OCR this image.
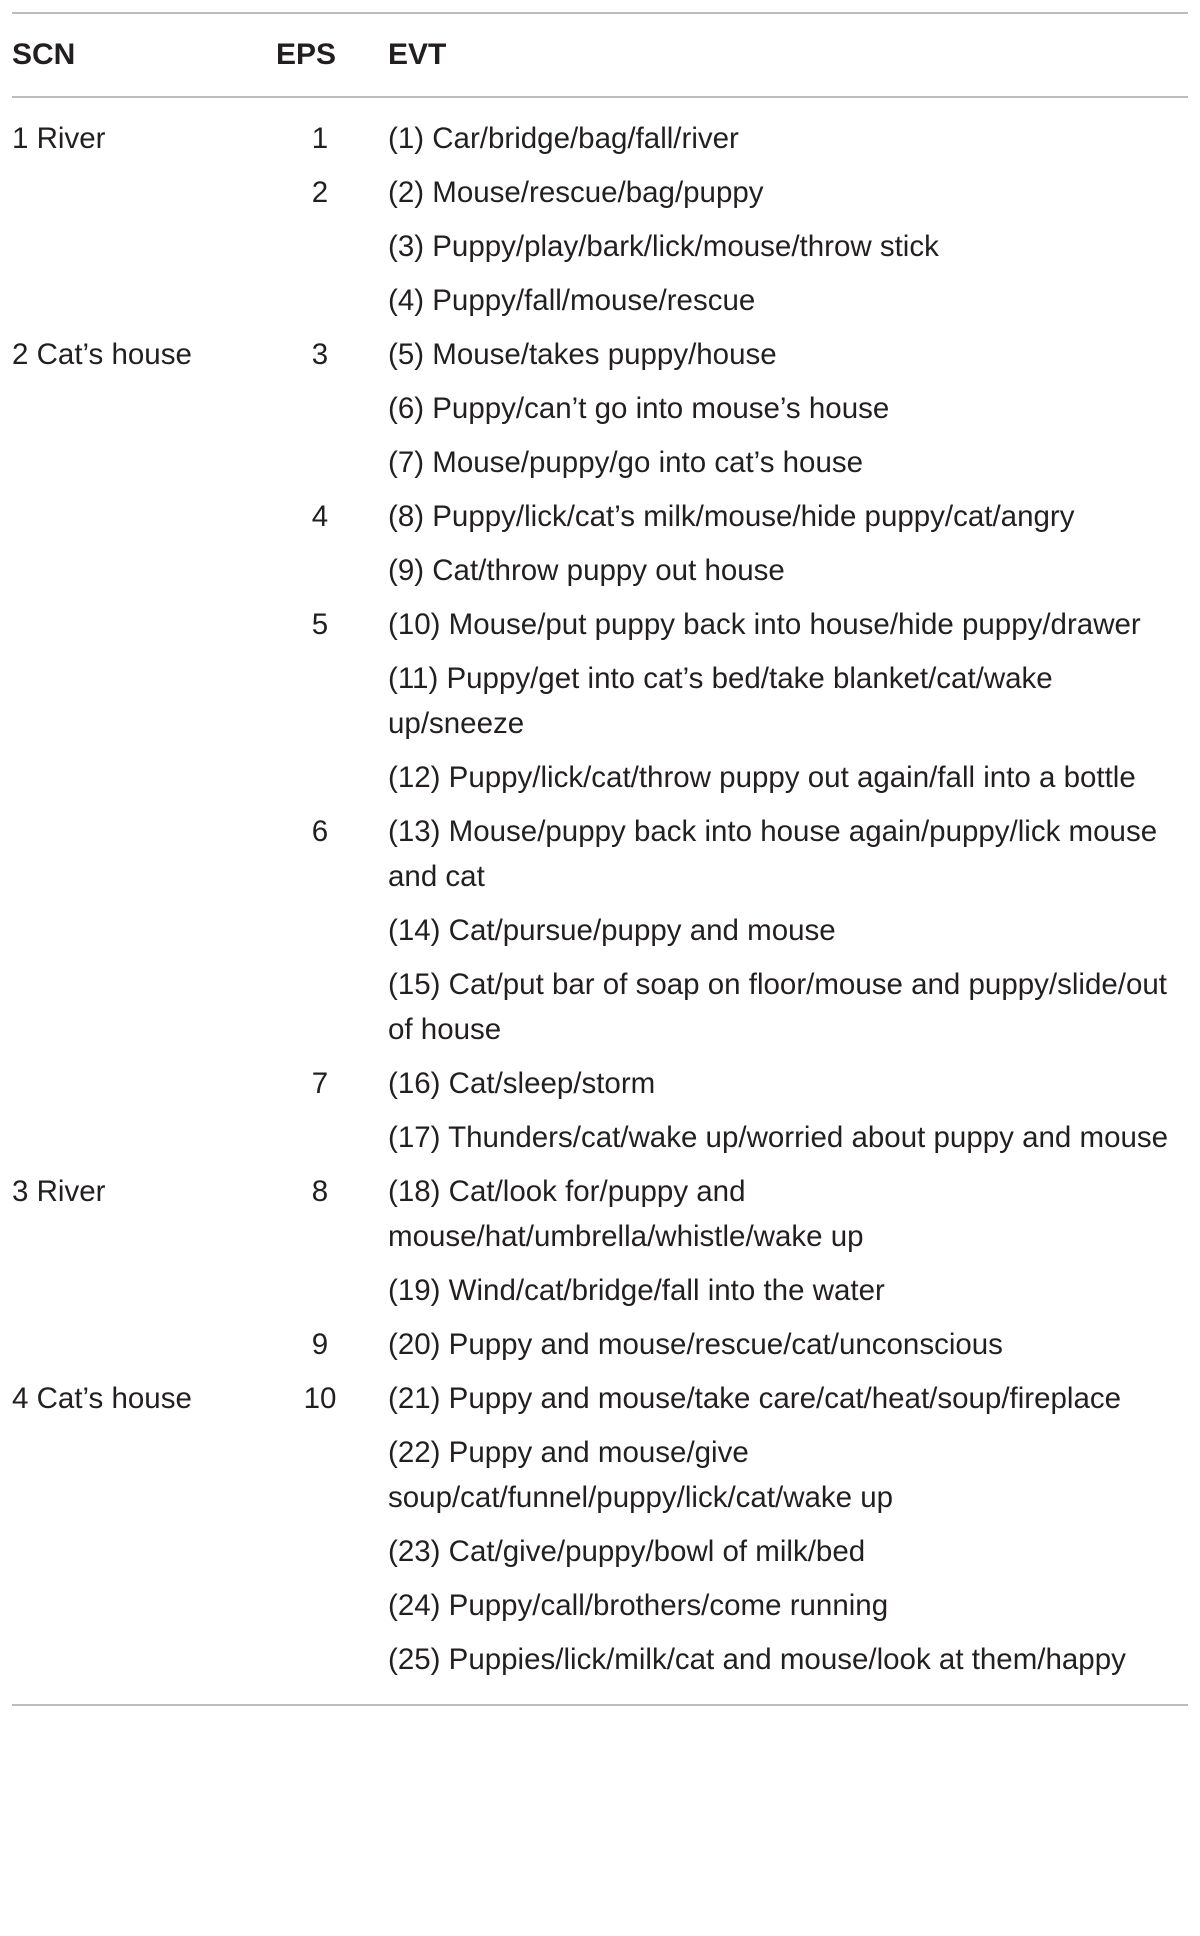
SCN	EPS	EVT
1 River	1	(1) Car/bridge/bag/fall/river
	2	(2) Mouse/rescue/bag/puppy
		(3) Puppy/play/bark/lick/mouse/throw stick
		(4) Puppy/fall/mouse/rescue
2 Cat’s house	3	(5) Mouse/takes puppy/house
		(6) Puppy/can’t go into mouse’s house
		(7) Mouse/puppy/go into cat’s house
	4	(8) Puppy/lick/cat’s milk/mouse/hide puppy/cat/angry
		(9) Cat/throw puppy out house
	5	(10) Mouse/put puppy back into house/hide puppy/drawer
		(11) Puppy/get into cat’s bed/take blanket/cat/wake up/sneeze
		(12) Puppy/lick/cat/throw puppy out again/fall into a bottle
	6	(13) Mouse/puppy back into house again/puppy/lick mouse and cat
		(14) Cat/pursue/puppy and mouse
		(15) Cat/put bar of soap on floor/mouse and puppy/slide/out of house
	7	(16) Cat/sleep/storm
		(17) Thunders/cat/wake up/worried about puppy and mouse
3 River	8	(18) Cat/look for/puppy and mouse/hat/umbrella/whistle/wake up
		(19) Wind/cat/bridge/fall into the water
	9	(20) Puppy and mouse/rescue/cat/unconscious
4 Cat’s house	10	(21) Puppy and mouse/take care/cat/heat/soup/fireplace
		(22) Puppy and mouse/give soup/cat/funnel/puppy/lick/cat/wake up
		(23) Cat/give/puppy/bowl of milk/bed
		(24) Puppy/call/brothers/come running
		(25) Puppies/lick/milk/cat and mouse/look at them/happy
